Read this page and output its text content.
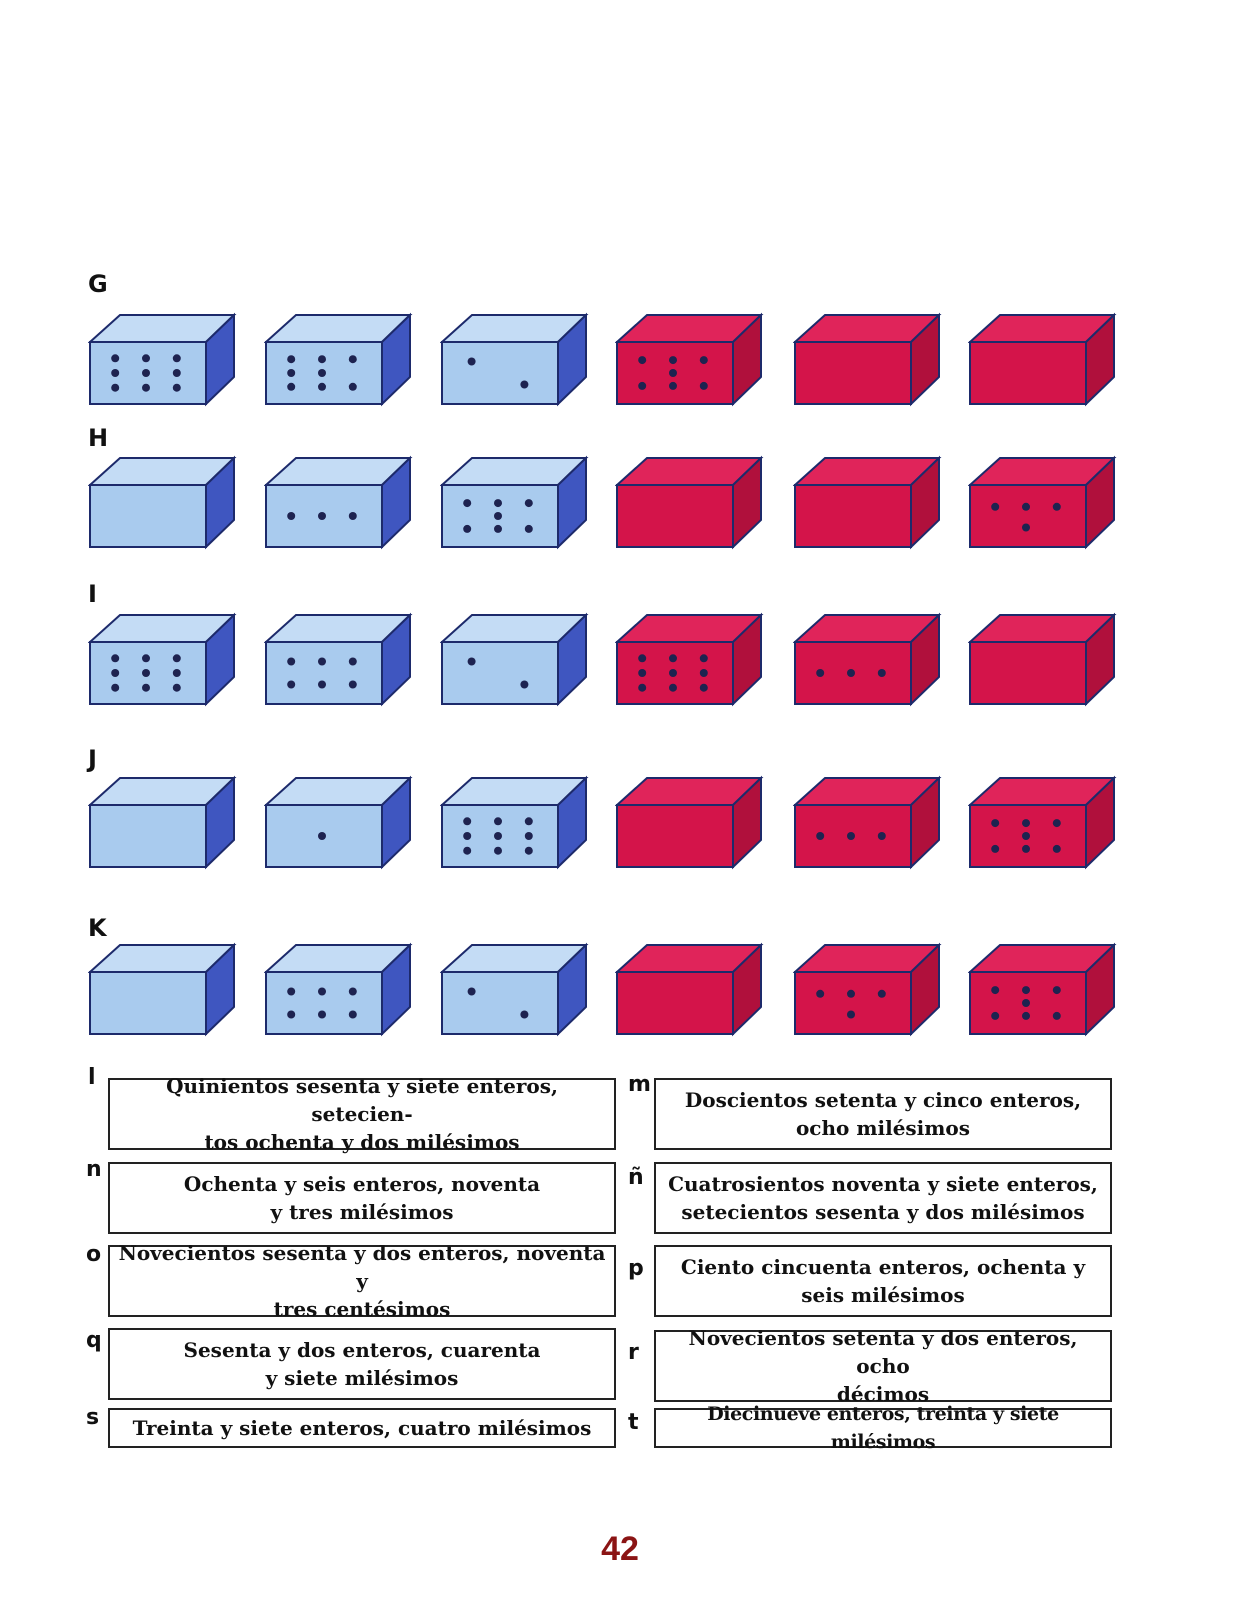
G
H
I
J
K
l	Quinientos sesenta y siete enteros, setecien-
tos ochenta y dos milésimos
m
Doscientos setenta y cinco enteros,
ocho milésimos
n
Ochenta y seis enteros, noventa
y tres milésimos
ñ	Cuatrosientos noventa y siete enteros,
setecientos sesenta y dos milésimos
o Novecientos sesenta y dos enteros, noventa y
tres centésimos
p	Ciento cincuenta enteros, ochenta y
seis milésimos
q	Sesenta y dos enteros, cuarenta
y siete milésimos
r
Novecientos setenta y dos enteros, ocho
décimos
s	Treinta y siete enteros, cuatro milésimos	t	Diecinueve enteros, treinta y siete milésimos
42
